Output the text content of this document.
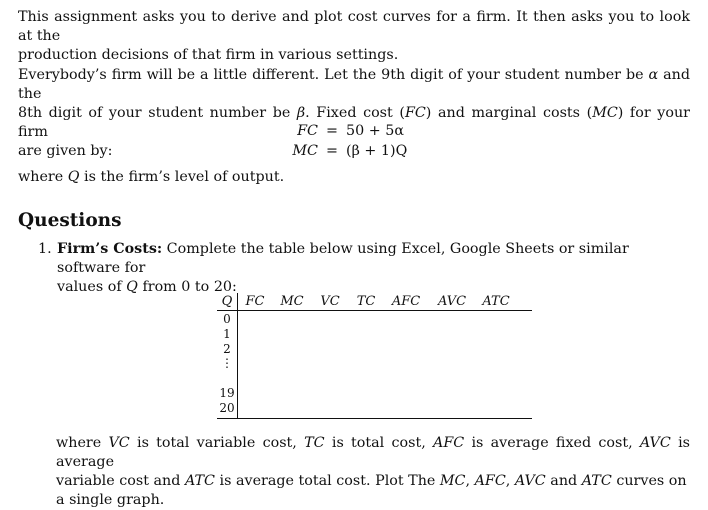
This assignment asks you to derive and plot cost curves for a firm. It then asks you to look at the
production decisions of that firm in various settings.

Everybody’s firm will be a little different. Let the 9th digit of your student number be α and the
8th digit of your student number be β. Fixed cost (FC) and marginal costs (MC) for your firm
are given by:

FC = 50 + 5α
MC = (β + 1)Q

where Q is the firm’s level of output.

Questions
1. Firm’s Costs: Complete the table below using Excel, Google Sheets or similar software for
values of Q from 0 to 20:
Q	FC	MC	VC	TC	AFC	AVC	ATC
0
1
2
⋮
19
20
where VC is total variable cost, TC is total cost, AFC is average fixed cost, AVC is average
variable cost and ATC is average total cost. Plot The MC, AFC, AVC and ATC curves on
a single graph.
